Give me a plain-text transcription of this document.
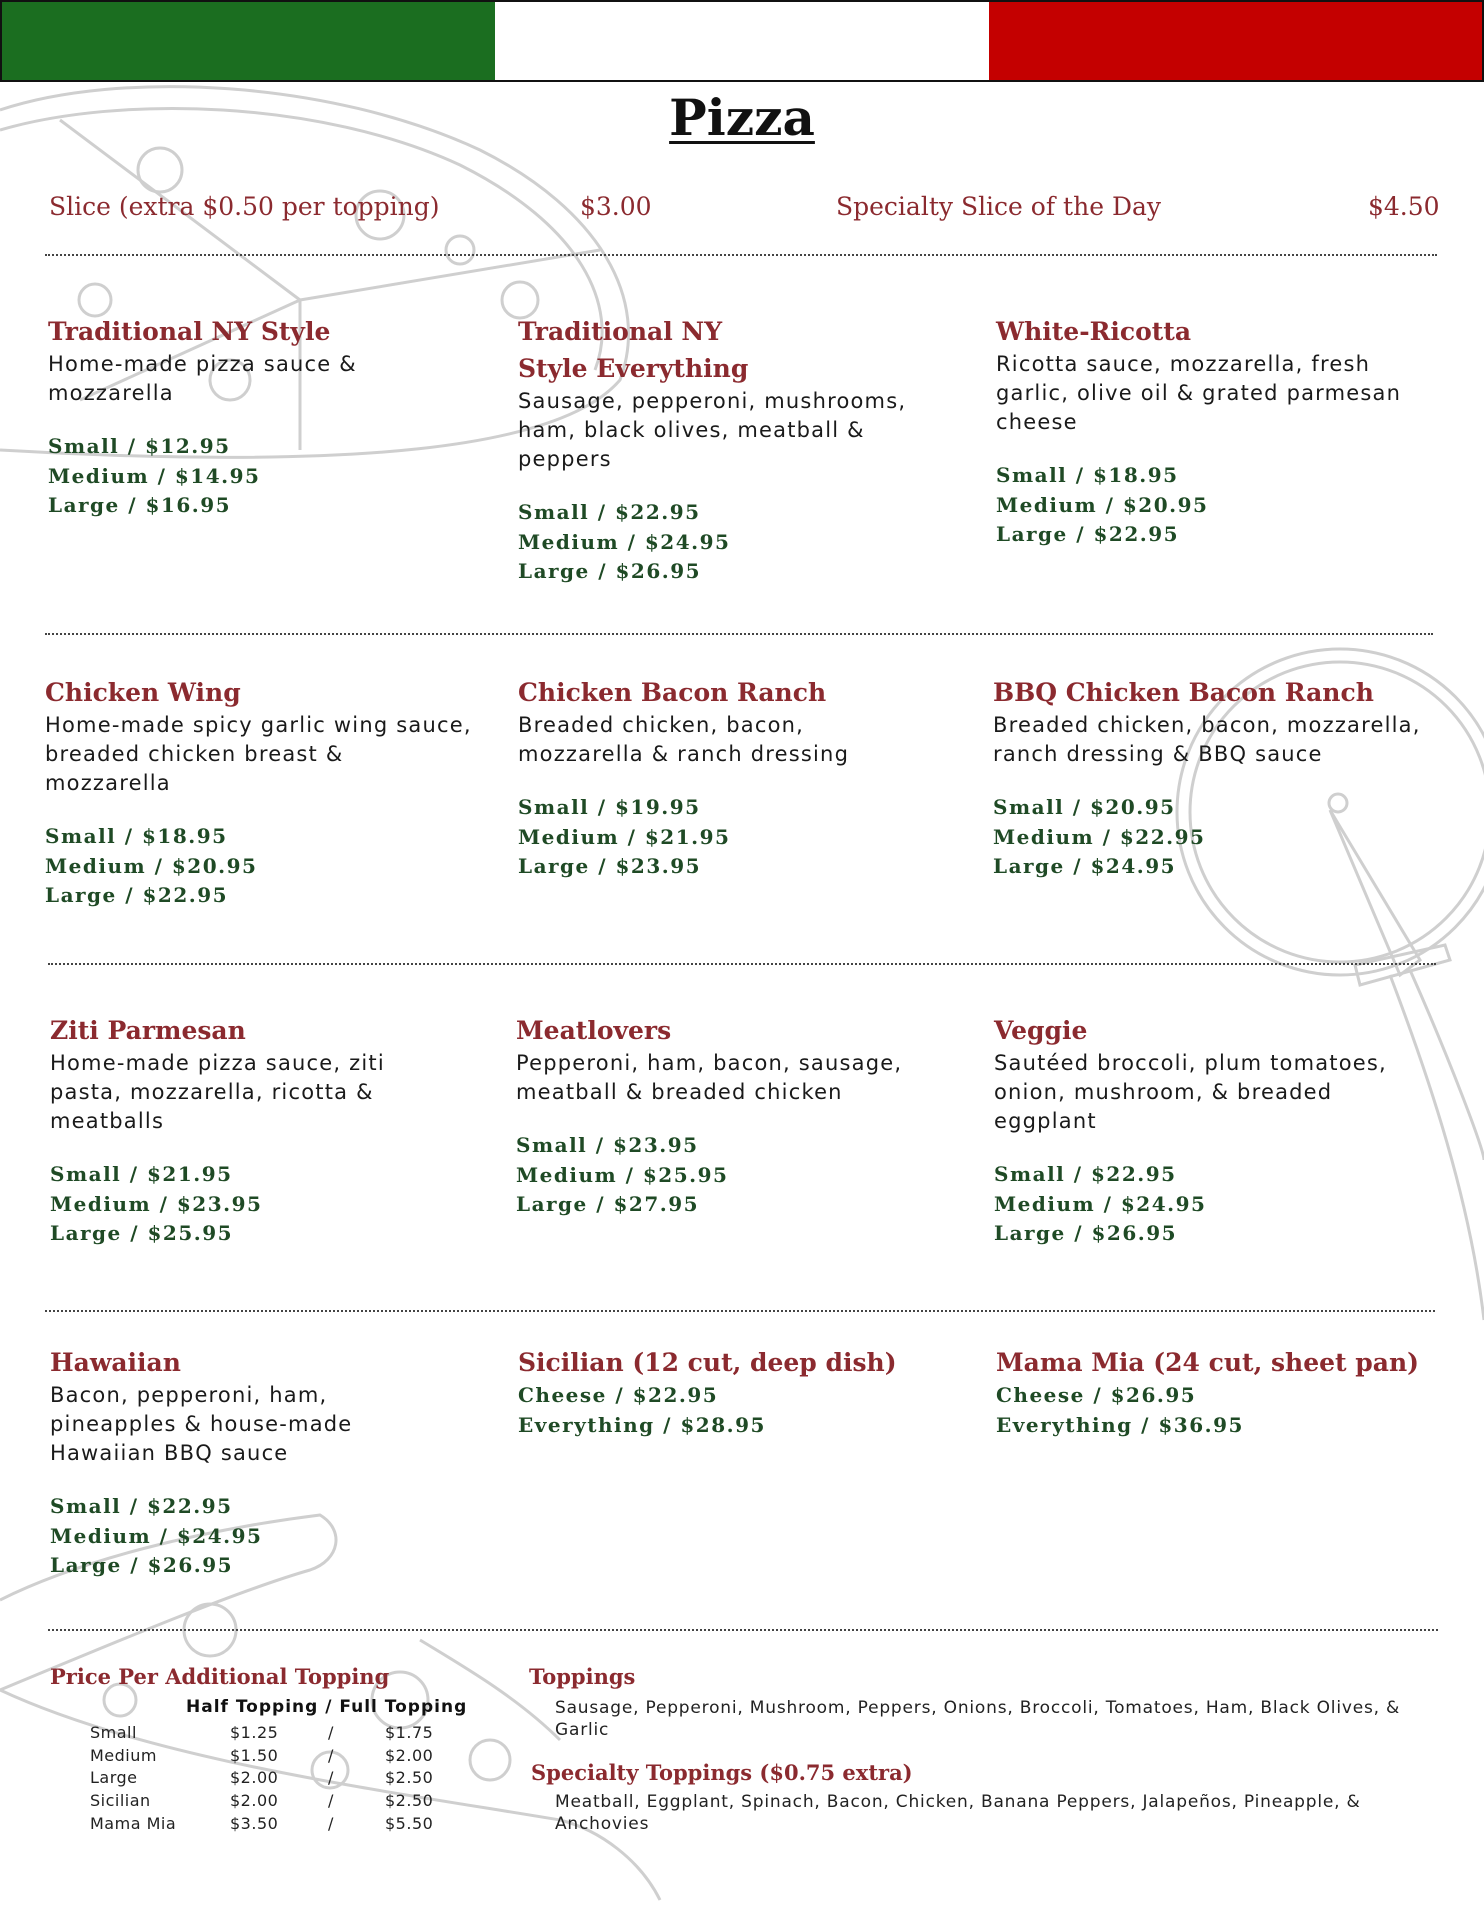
Pizza
Slice (extra $0.50 per topping)	$3.00	Specialty Slice of the Day	$4.50
Traditional NY Style
Home-made pizza sauce & mozzarella
Small / $12.95
Medium / $14.95
Large / $16.95
Traditional NY Style Everything
Sausage, pepperoni, mushrooms, ham, black olives, meatball & peppers
Small / $22.95
Medium / $24.95
Large / $26.95
White-Ricotta
Ricotta sauce, mozzarella, fresh garlic, olive oil & grated parmesan cheese
Small / $18.95
Medium / $20.95
Large / $22.95
Chicken Wing
Home-made spicy garlic wing sauce, breaded chicken breast & mozzarella
Small / $18.95
Medium / $20.95
Large / $22.95
Chicken Bacon Ranch
Breaded chicken, bacon, mozzarella & ranch dressing
Small / $19.95
Medium / $21.95
Large / $23.95
BBQ Chicken Bacon Ranch
Breaded chicken, bacon, mozzarella, ranch dressing & BBQ sauce
Small / $20.95
Medium / $22.95
Large / $24.95
Ziti Parmesan
Home-made pizza sauce, ziti pasta, mozzarella, ricotta & meatballs
Small / $21.95
Medium / $23.95
Large / $25.95
Meatlovers
Pepperoni, ham, bacon, sausage, meatball & breaded chicken
Small / $23.95
Medium / $25.95
Large / $27.95
Veggie
Sautéed broccoli, plum tomatoes, onion, mushroom, & breaded eggplant
Small / $22.95
Medium / $24.95
Large / $26.95
Hawaiian
Bacon, pepperoni, ham, pineapples & house-made Hawaiian BBQ sauce
Small / $22.95
Medium / $24.95
Large / $26.95
Sicilian (12 cut, deep dish)
Cheese / $22.95
Everything / $28.95
Mama Mia (24 cut, sheet pan)
Cheese / $26.95
Everything / $36.95
Price Per Additional Topping
Half Topping / Full Topping
Small	$1.25	/	$1.75
Medium	$1.50	/	$2.00
Large	$2.00	/	$2.50
Sicilian	$2.00	/	$2.50
Mama Mia	$3.50	/	$5.50
Toppings
Sausage, Pepperoni, Mushroom, Peppers, Onions, Broccoli, Tomatoes, Ham, Black Olives, & Garlic
Specialty Toppings ($0.75 extra)
Meatball, Eggplant, Spinach, Bacon, Chicken, Banana Peppers, Jalapeños, Pineapple, & Anchovies
